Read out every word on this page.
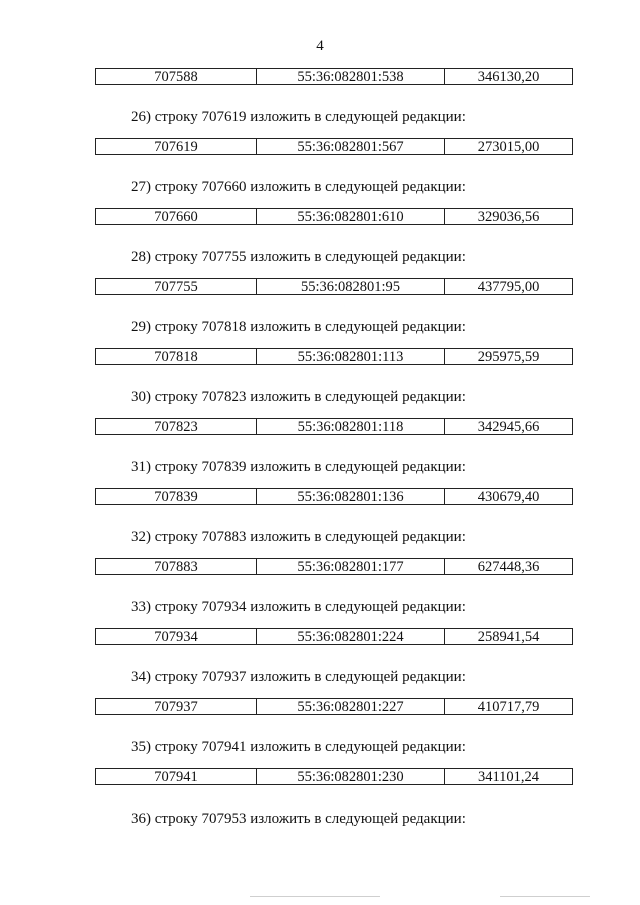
4
707588	55:36:082801:538	346130,20
26) строку 707619 изложить в следующей редакции:
707619	55:36:082801:567	273015,00
27) строку 707660 изложить в следующей редакции:
707660	55:36:082801:610	329036,56
28) строку 707755 изложить в следующей редакции:
707755	55:36:082801:95	437795,00
29) строку 707818 изложить в следующей редакции:
707818	55:36:082801:113	295975,59
30) строку 707823 изложить в следующей редакции:
707823	55:36:082801:118	342945,66
31) строку 707839 изложить в следующей редакции:
707839	55:36:082801:136	430679,40
32) строку 707883 изложить в следующей редакции:
707883	55:36:082801:177	627448,36
33) строку 707934 изложить в следующей редакции:
707934	55:36:082801:224	258941,54
34) строку 707937 изложить в следующей редакции:
707937	55:36:082801:227	410717,79
35) строку 707941 изложить в следующей редакции:
707941	55:36:082801:230	341101,24
36) строку 707953 изложить в следующей редакции:
